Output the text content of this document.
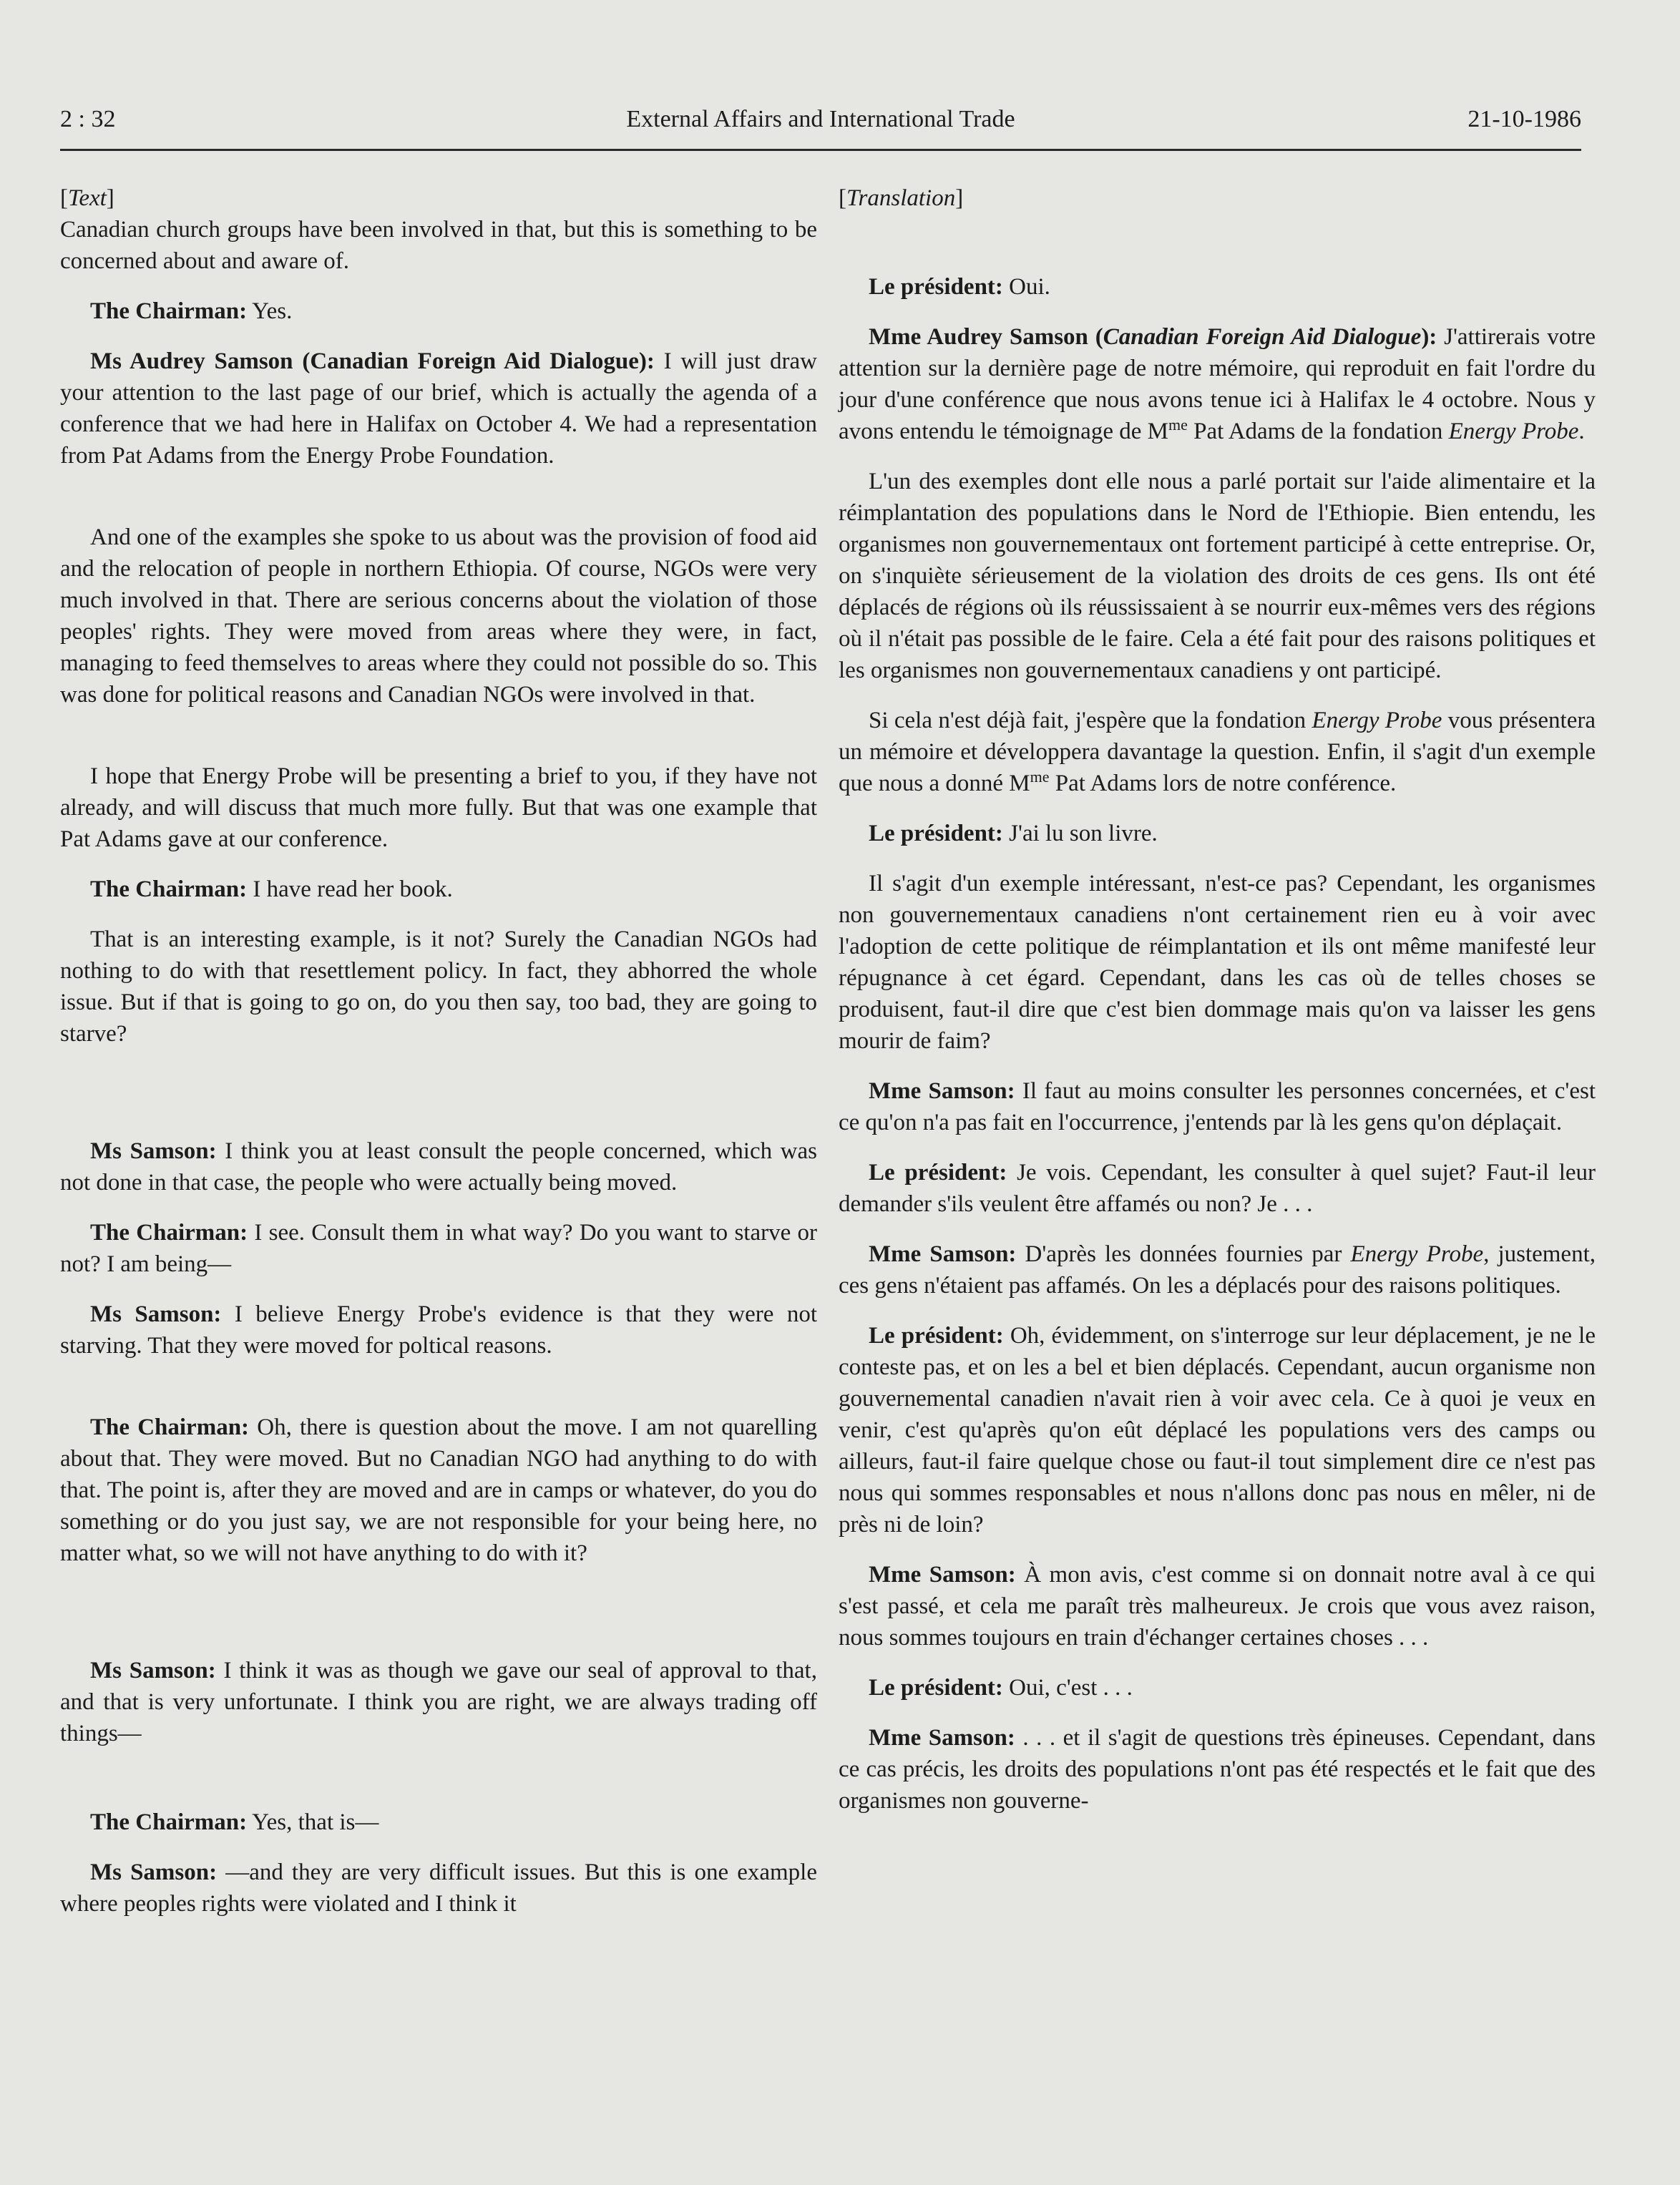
2 : 32	External Affairs and International Trade	21-10-1986

[Text]

Canadian church groups have been involved in that, but this is something to be concerned about and aware of.

The Chairman: Yes.

Ms Audrey Samson (Canadian Foreign Aid Dialogue): I will just draw your attention to the last page of our brief, which is actually the agenda of a conference that we had here in Halifax on October 4. We had a representation from Pat Adams from the Energy Probe Foundation.

And one of the examples she spoke to us about was the provision of food aid and the relocation of people in northern Ethiopia. Of course, NGOs were very much involved in that. There are serious concerns about the violation of those peoples' rights. They were moved from areas where they were, in fact, managing to feed themselves to areas where they could not possible do so. This was done for political reasons and Canadian NGOs were involved in that.

I hope that Energy Probe will be presenting a brief to you, if they have not already, and will discuss that much more fully. But that was one example that Pat Adams gave at our conference.

The Chairman: I have read her book.

That is an interesting example, is it not? Surely the Canadian NGOs had nothing to do with that resettlement policy. In fact, they abhorred the whole issue. But if that is going to go on, do you then say, too bad, they are going to starve?

Ms Samson: I think you at least consult the people concerned, which was not done in that case, the people who were actually being moved.

The Chairman: I see. Consult them in what way? Do you want to starve or not? I am being—

Ms Samson: I believe Energy Probe's evidence is that they were not starving. That they were moved for poltical reasons.

The Chairman: Oh, there is question about the move. I am not quarelling about that. They were moved. But no Canadian NGO had anything to do with that. The point is, after they are moved and are in camps or whatever, do you do something or do you just say, we are not responsible for your being here, no matter what, so we will not have anything to do with it?

Ms Samson: I think it was as though we gave our seal of approval to that, and that is very unfortunate. I think you are right, we are always trading off things—

The Chairman: Yes, that is—

Ms Samson: —and they are very difficult issues. But this is one example where peoples rights were violated and I think it

[Translation]

Le président: Oui.

Mme Audrey Samson (Canadian Foreign Aid Dialogue): J'attirerais votre attention sur la dernière page de notre mémoire, qui reproduit en fait l'ordre du jour d'une conférence que nous avons tenue ici à Halifax le 4 octobre. Nous y avons entendu le témoignage de $M^{me}$ Pat Adams de la fondation Energy Probe.

L'un des exemples dont elle nous a parlé portait sur l'aide alimentaire et la réimplantation des populations dans le Nord de l'Ethiopie. Bien entendu, les organismes non gouvernementaux ont fortement participé à cette entreprise. Or, on s'inquiète sérieusement de la violation des droits de ces gens. Ils ont été déplacés de régions où ils réussissaient à se nourrir eux-mêmes vers des régions où il n'était pas possible de le faire. Cela a été fait pour des raisons politiques et les organismes non gouvernementaux canadiens y ont participé.

Si cela n'est déjà fait, j'espère que la fondation Energy Probe vous présentera un mémoire et développera davantage la question. Enfin, il s'agit d'un exemple que nous a donné $M^{me}$ Pat Adams lors de notre conférence.

Le président: J'ai lu son livre.

Il s'agit d'un exemple intéressant, n'est-ce pas? Cependant, les organismes non gouvernementaux canadiens n'ont certainement rien eu à voir avec l'adoption de cette politique de réimplantation et ils ont même manifesté leur répugnance à cet égard. Cependant, dans les cas où de telles choses se produisent, faut-il dire que c'est bien dommage mais qu'on va laisser les gens mourir de faim?

Mme Samson: Il faut au moins consulter les personnes concernées, et c'est ce qu'on n'a pas fait en l'occurrence, j'entends par là les gens qu'on déplaçait.

Le président: Je vois. Cependant, les consulter à quel sujet? Faut-il leur demander s'ils veulent être affamés ou non? Je . . .

Mme Samson: D'après les données fournies par Energy Probe, justement, ces gens n'étaient pas affamés. On les a déplacés pour des raisons politiques.

Le président: Oh, évidemment, on s'interroge sur leur déplacement, je ne le conteste pas, et on les a bel et bien déplacés. Cependant, aucun organisme non gouvernemental canadien n'avait rien à voir avec cela. Ce à quoi je veux en venir, c'est qu'après qu'on eût déplacé les populations vers des camps ou ailleurs, faut-il faire quelque chose ou faut-il tout simplement dire ce n'est pas nous qui sommes responsables et nous n'allons donc pas nous en mêler, ni de près ni de loin?

Mme Samson: À mon avis, c'est comme si on donnait notre aval à ce qui s'est passé, et cela me paraît très malheureux. Je crois que vous avez raison, nous sommes toujours en train d'échanger certaines choses . . .

Le président: Oui, c'est . . .

Mme Samson: . . . et il s'agit de questions très épineuses. Cependant, dans ce cas précis, les droits des populations n'ont pas été respectés et le fait que des organismes non gouverne-
